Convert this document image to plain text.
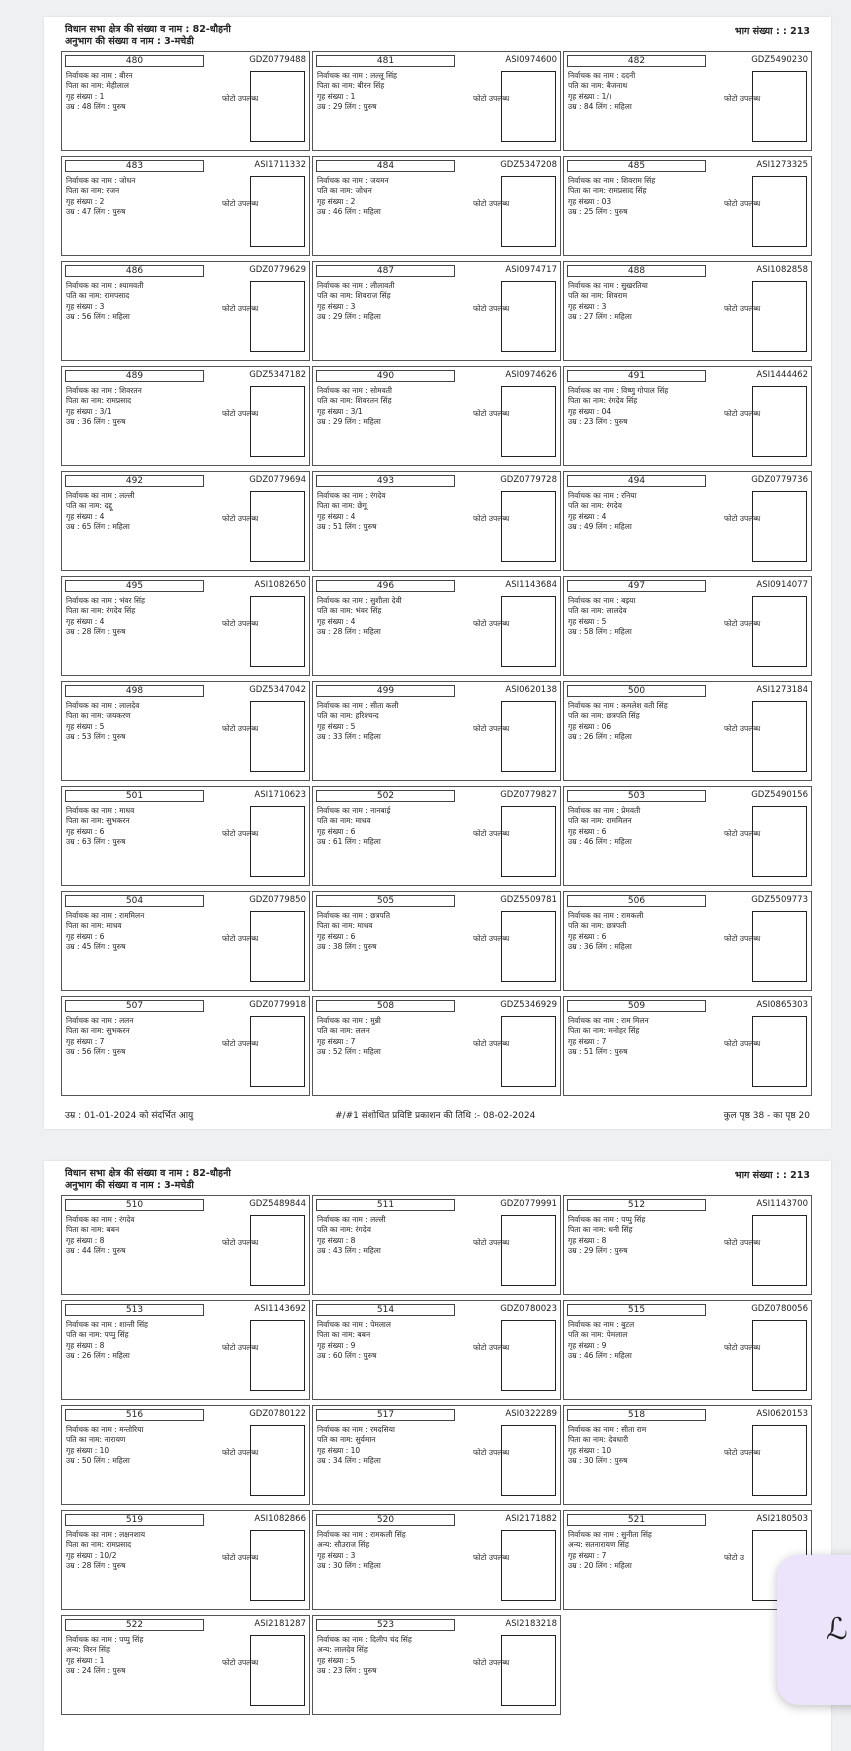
विधान सभा क्षेत्र की संख्या व नाम : 82-धौहनी
अनुभाग की संख्या व नाम : 3-मचेडी
भाग संख्या : : 213
480	GDZ0779488
निर्वाचक का नाम : बीरन
पिता का नाम: मेहीलाल
गृह संख्या : 1
उम्र : 48 लिंग : पुरुष
फोटो उपलब्ध
481	ASI0974600
निर्वाचक का नाम : लल्लू सिंह
पिता का नाम: बीरन सिंह
गृह संख्या : 1
उम्र : 29 लिंग : पुरुष
फोटो उपलब्ध
482	GDZ5490230
निर्वाचक का नाम : ददनी
पति का नाम: बैजनाथ
गृह संख्या : 1/।
उम्र : 84 लिंग : महिला
फोटो उपलब्ध
483	ASI1711332
निर्वाचक का नाम : जोधन
पिता का नाम: रजन
गृह संख्या : 2
उम्र : 47 लिंग : पुरुष
फोटो उपलब्ध
484	GDZ5347208
निर्वाचक का नाम : जयमन
पति का नाम: जोधन
गृह संख्या : 2
उम्र : 46 लिंग : महिला
फोटो उपलब्ध
485	ASI1273325
निर्वाचक का नाम : शिवराम सिंह
पिता का नाम: रामप्रसाद सिंह
गृह संख्या : 03
उम्र : 25 लिंग : पुरुष
फोटो उपलब्ध
486	GDZ0779629
निर्वाचक का नाम : श्यामवती
पति का नाम: रामपसाद
गृह संख्या : 3
उम्र : 56 लिंग : महिला
फोटो उपलब्ध
487	ASI0974717
निर्वाचक का नाम : लीलावती
पति का नाम: शिवराज सिंह
गृह संख्या : 3
उम्र : 29 लिंग : महिला
फोटो उपलब्ध
488	ASI1082858
निर्वाचक का नाम : सुखरतिया
पति का नाम: शिवराम
गृह संख्या : 3
उम्र : 27 लिंग : महिला
फोटो उपलब्ध
489	GDZ5347182
निर्वाचक का नाम : शिवरतन
पिता का नाम: रामप्रसाद
गृह संख्या : 3/1
उम्र : 36 लिंग : पुरुष
फोटो उपलब्ध
490	ASI0974626
निर्वाचक का नाम : सोमवती
पति का नाम: शिवरतन सिंह
गृह संख्या : 3/1
उम्र : 29 लिंग : महिला
फोटो उपलब्ध
491	ASI1444462
निर्वाचक का नाम : विष्णु गोपाल सिंह
पिता का नाम: रंगदेव सिंह
गृह संख्या : 04
उम्र : 23 लिंग : पुरुष
फोटो उपलब्ध
492	GDZ0779694
निर्वाचक का नाम : लल्ली
पति का नाम: दद्दू
गृह संख्या : 4
उम्र : 65 लिंग : महिला
फोटो उपलब्ध
493	GDZ0779728
निर्वाचक का नाम : रंगदेव
पिता का नाम: छेगू
गृह संख्या : 4
उम्र : 51 लिंग : पुरुष
फोटो उपलब्ध
494	GDZ0779736
निर्वाचक का नाम : रनिया
पति का नाम: रंगदेव
गृह संख्या : 4
उम्र : 49 लिंग : महिला
फोटो उपलब्ध
495	ASI1082650
निर्वाचक का नाम : भंवर सिंह
पिता का नाम: रंगदेव सिंह
गृह संख्या : 4
उम्र : 28 लिंग : पुरुष
फोटो उपलब्ध
496	ASI1143684
निर्वाचक का नाम : सुशीला देवी
पति का नाम: भंवर सिंह
गृह संख्या : 4
उम्र : 28 लिंग : महिला
फोटो उपलब्ध
497	ASI0914077
निर्वाचक का नाम : बइया
पति का नाम: लालदेव
गृह संख्या : 5
उम्र : 58 लिंग : महिला
फोटो उपलब्ध
498	GDZ5347042
निर्वाचक का नाम : लालदेव
पिता का नाम: जयकरण
गृह संख्या : 5
उम्र : 53 लिंग : पुरुष
फोटो उपलब्ध
499	ASI0620138
निर्वाचक का नाम : सीता कली
पति का नाम: हरिश्चन्द
गृह संख्या : 5
उम्र : 33 लिंग : महिला
फोटो उपलब्ध
500	ASI1273184
निर्वाचक का नाम : कमलेश वती सिंह
पति का नाम: छत्रपति सिंह
गृह संख्या : 06
उम्र : 26 लिंग : महिला
फोटो उपलब्ध
501	ASI1710623
निर्वाचक का नाम : माधव
पिता का नाम: सुभकरन
गृह संख्या : 6
उम्र : 63 लिंग : पुरुष
फोटो उपलब्ध
502	GDZ0779827
निर्वाचक का नाम : नानबाई
पति का नाम: माधव
गृह संख्या : 6
उम्र : 61 लिंग : महिला
फोटो उपलब्ध
503	GDZ5490156
निर्वाचक का नाम : प्रेमवती
पति का नाम: राममिलन
गृह संख्या : 6
उम्र : 46 लिंग : महिला
फोटो उपलब्ध
504	GDZ0779850
निर्वाचक का नाम : राममिलन
पिता का नाम: माधव
गृह संख्या : 6
उम्र : 45 लिंग : पुरुष
फोटो उपलब्ध
505	GDZ5509781
निर्वाचक का नाम : छत्रपति
पिता का नाम: माधव
गृह संख्या : 6
उम्र : 38 लिंग : पुरुष
फोटो उपलब्ध
506	GDZ5509773
निर्वाचक का नाम : रामकली
पति का नाम: छत्रपती
गृह संख्या : 6
उम्र : 36 लिंग : महिला
फोटो उपलब्ध
507	GDZ0779918
निर्वाचक का नाम : ललन
पिता का नाम: सुभकरन
गृह संख्या : 7
उम्र : 56 लिंग : पुरुष
फोटो उपलब्ध
508	GDZ5346929
निर्वाचक का नाम : मुन्नी
पति का नाम: ललन
गृह संख्या : 7
उम्र : 52 लिंग : महिला
फोटो उपलब्ध
509	ASI0865303
निर्वाचक का नाम : राम मिलन
पिता का नाम: मनोहर सिंह
गृह संख्या : 7
उम्र : 51 लिंग : पुरुष
फोटो उपलब्ध
उम्र : 01-01-2024 को संदर्भित आयु	#/#1 संशोधित प्रविष्टि प्रकाशन की तिथि :- 08-02-2024	कुल पृष्ठ 38 - का पृष्ठ 20
विधान सभा क्षेत्र की संख्या व नाम : 82-धौहनी
अनुभाग की संख्या व नाम : 3-मचेडी
भाग संख्या : : 213
510	GDZ5489844
निर्वाचक का नाम : रंगदेव
पिता का नाम: बबन
गृह संख्या : 8
उम्र : 44 लिंग : पुरुष
फोटो उपलब्ध
511	GDZ0779991
निर्वाचक का नाम : लल्ली
पति का नाम: रंगदेव
गृह संख्या : 8
उम्र : 43 लिंग : महिला
फोटो उपलब्ध
512	ASI1143700
निर्वाचक का नाम : पप्पु सिंह
पिता का नाम: धनी सिंह
गृह संख्या : 8
उम्र : 29 लिंग : पुरुष
फोटो उपलब्ध
513	ASI1143692
निर्वाचक का नाम : शान्ती सिंह
पति का नाम: पप्पु सिंह
गृह संख्या : 8
उम्र : 26 लिंग : महिला
फोटो उपलब्ध
514	GDZ0780023
निर्वाचक का नाम : पेमलाल
पिता का नाम: बबन
गृह संख्या : 9
उम्र : 60 लिंग : पुरुष
फोटो उपलब्ध
515	GDZ0780056
निर्वाचक का नाम : बुटल
पति का नाम: पेमलाल
गृह संख्या : 9
उम्र : 46 लिंग : महिला
फोटो उपलब्ध
516	GDZ0780122
निर्वाचक का नाम : मन्तोरिया
पति का नाम: नारायण
गृह संख्या : 10
उम्र : 50 लिंग : महिला
फोटो उपलब्ध
517	ASI0322289
निर्वाचक का नाम : रमदसिया
पति का नाम: सुर्यमान
गृह संख्या : 10
उम्र : 34 लिंग : महिला
फोटो उपलब्ध
518	ASI0620153
निर्वाचक का नाम : सीता राम
पिता का नाम: देवधारी
गृह संख्या : 10
उम्र : 30 लिंग : पुरुष
फोटो उपलब्ध
519	ASI1082866
निर्वाचक का नाम : लक्षनशाय
पिता का नाम: रामप्रसाद
गृह संख्या : 10/2
उम्र : 28 लिंग : पुरुष
फोटो उपलब्ध
520	ASI2171882
निर्वाचक का नाम : रामकली सिंह
अन्य: सौउराज सिंह
गृह संख्या : 3
उम्र : 30 लिंग : महिला
फोटो उपलब्ध
521	ASI2180503
निर्वाचक का नाम : सुनीता सिंह
अन्य: सतनारायण सिंह
गृह संख्या : 7
उम्र : 20 लिंग : महिला
फोटो उ
522	ASI2181287
निर्वाचक का नाम : पप्पु सिंह
अन्य: विरन सिंह
गृह संख्या : 1
उम्र : 24 लिंग : पुरुष
फोटो उपलब्ध
523	ASI2183218
निर्वाचक का नाम : दिलीप चंद सिंह
अन्य: लालदेव सिंह
गृह संख्या : 5
उम्र : 23 लिंग : पुरुष
फोटो उपलब्ध
ℒ
